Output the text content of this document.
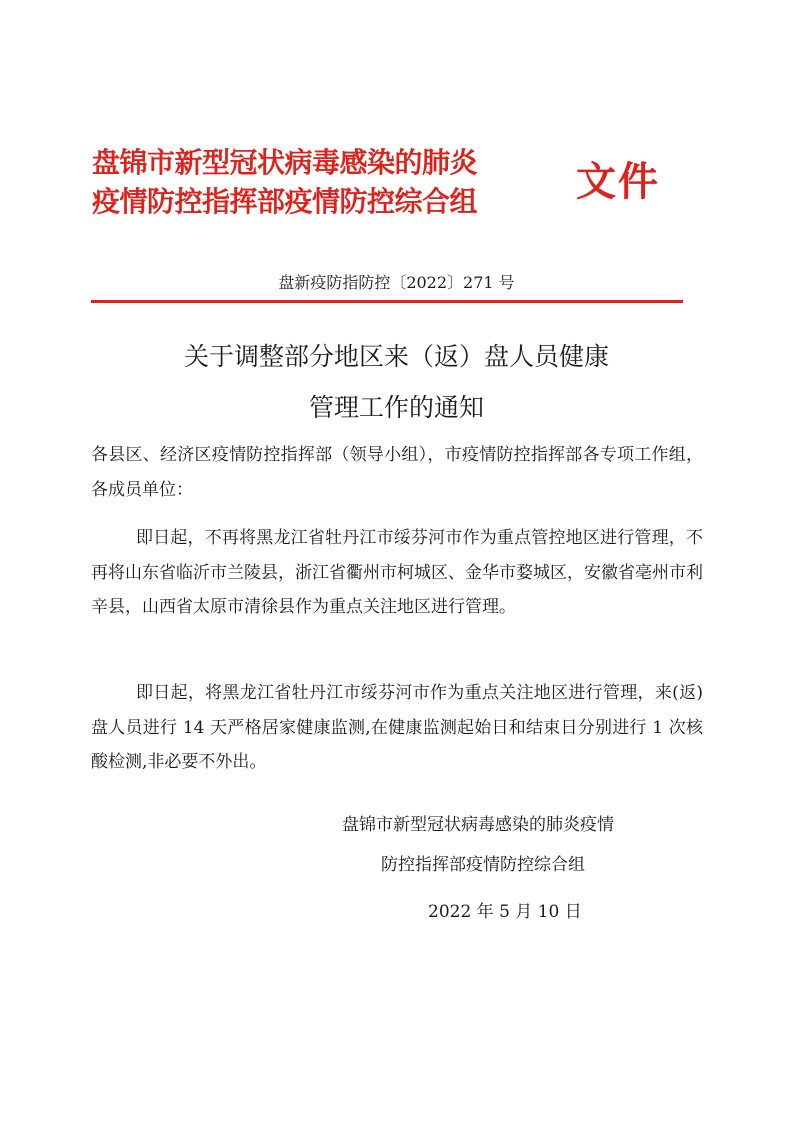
盘锦市新型冠状病毒感染的肺炎
疫情防控指挥部疫情防控综合组 文件
盘新疫防指防控〔2022〕271 号
关于调整部分地区来（返）盘人员健康
管理工作的通知
各县区、经济区疫情防控指挥部（领导小组），市疫情防控指挥部各专项工作组，各成员单位：
即日起，不再将黑龙江省牡丹江市绥芬河市作为重点管控地区进行管理，不再将山东省临沂市兰陵县，浙江省衢州市柯城区、金华市婺城区，安徽省亳州市利辛县，山西省太原市清徐县作为重点关注地区进行管理。
即日起，将黑龙江省牡丹江市绥芬河市作为重点关注地区进行管理，来(返)盘人员进行 14 天严格居家健康监测,在健康监测起始日和结束日分别进行 1 次核酸检测,非必要不外出。
盘锦市新型冠状病毒感染的肺炎疫情
防控指挥部疫情防控综合组
2022 年 5 月 10 日
